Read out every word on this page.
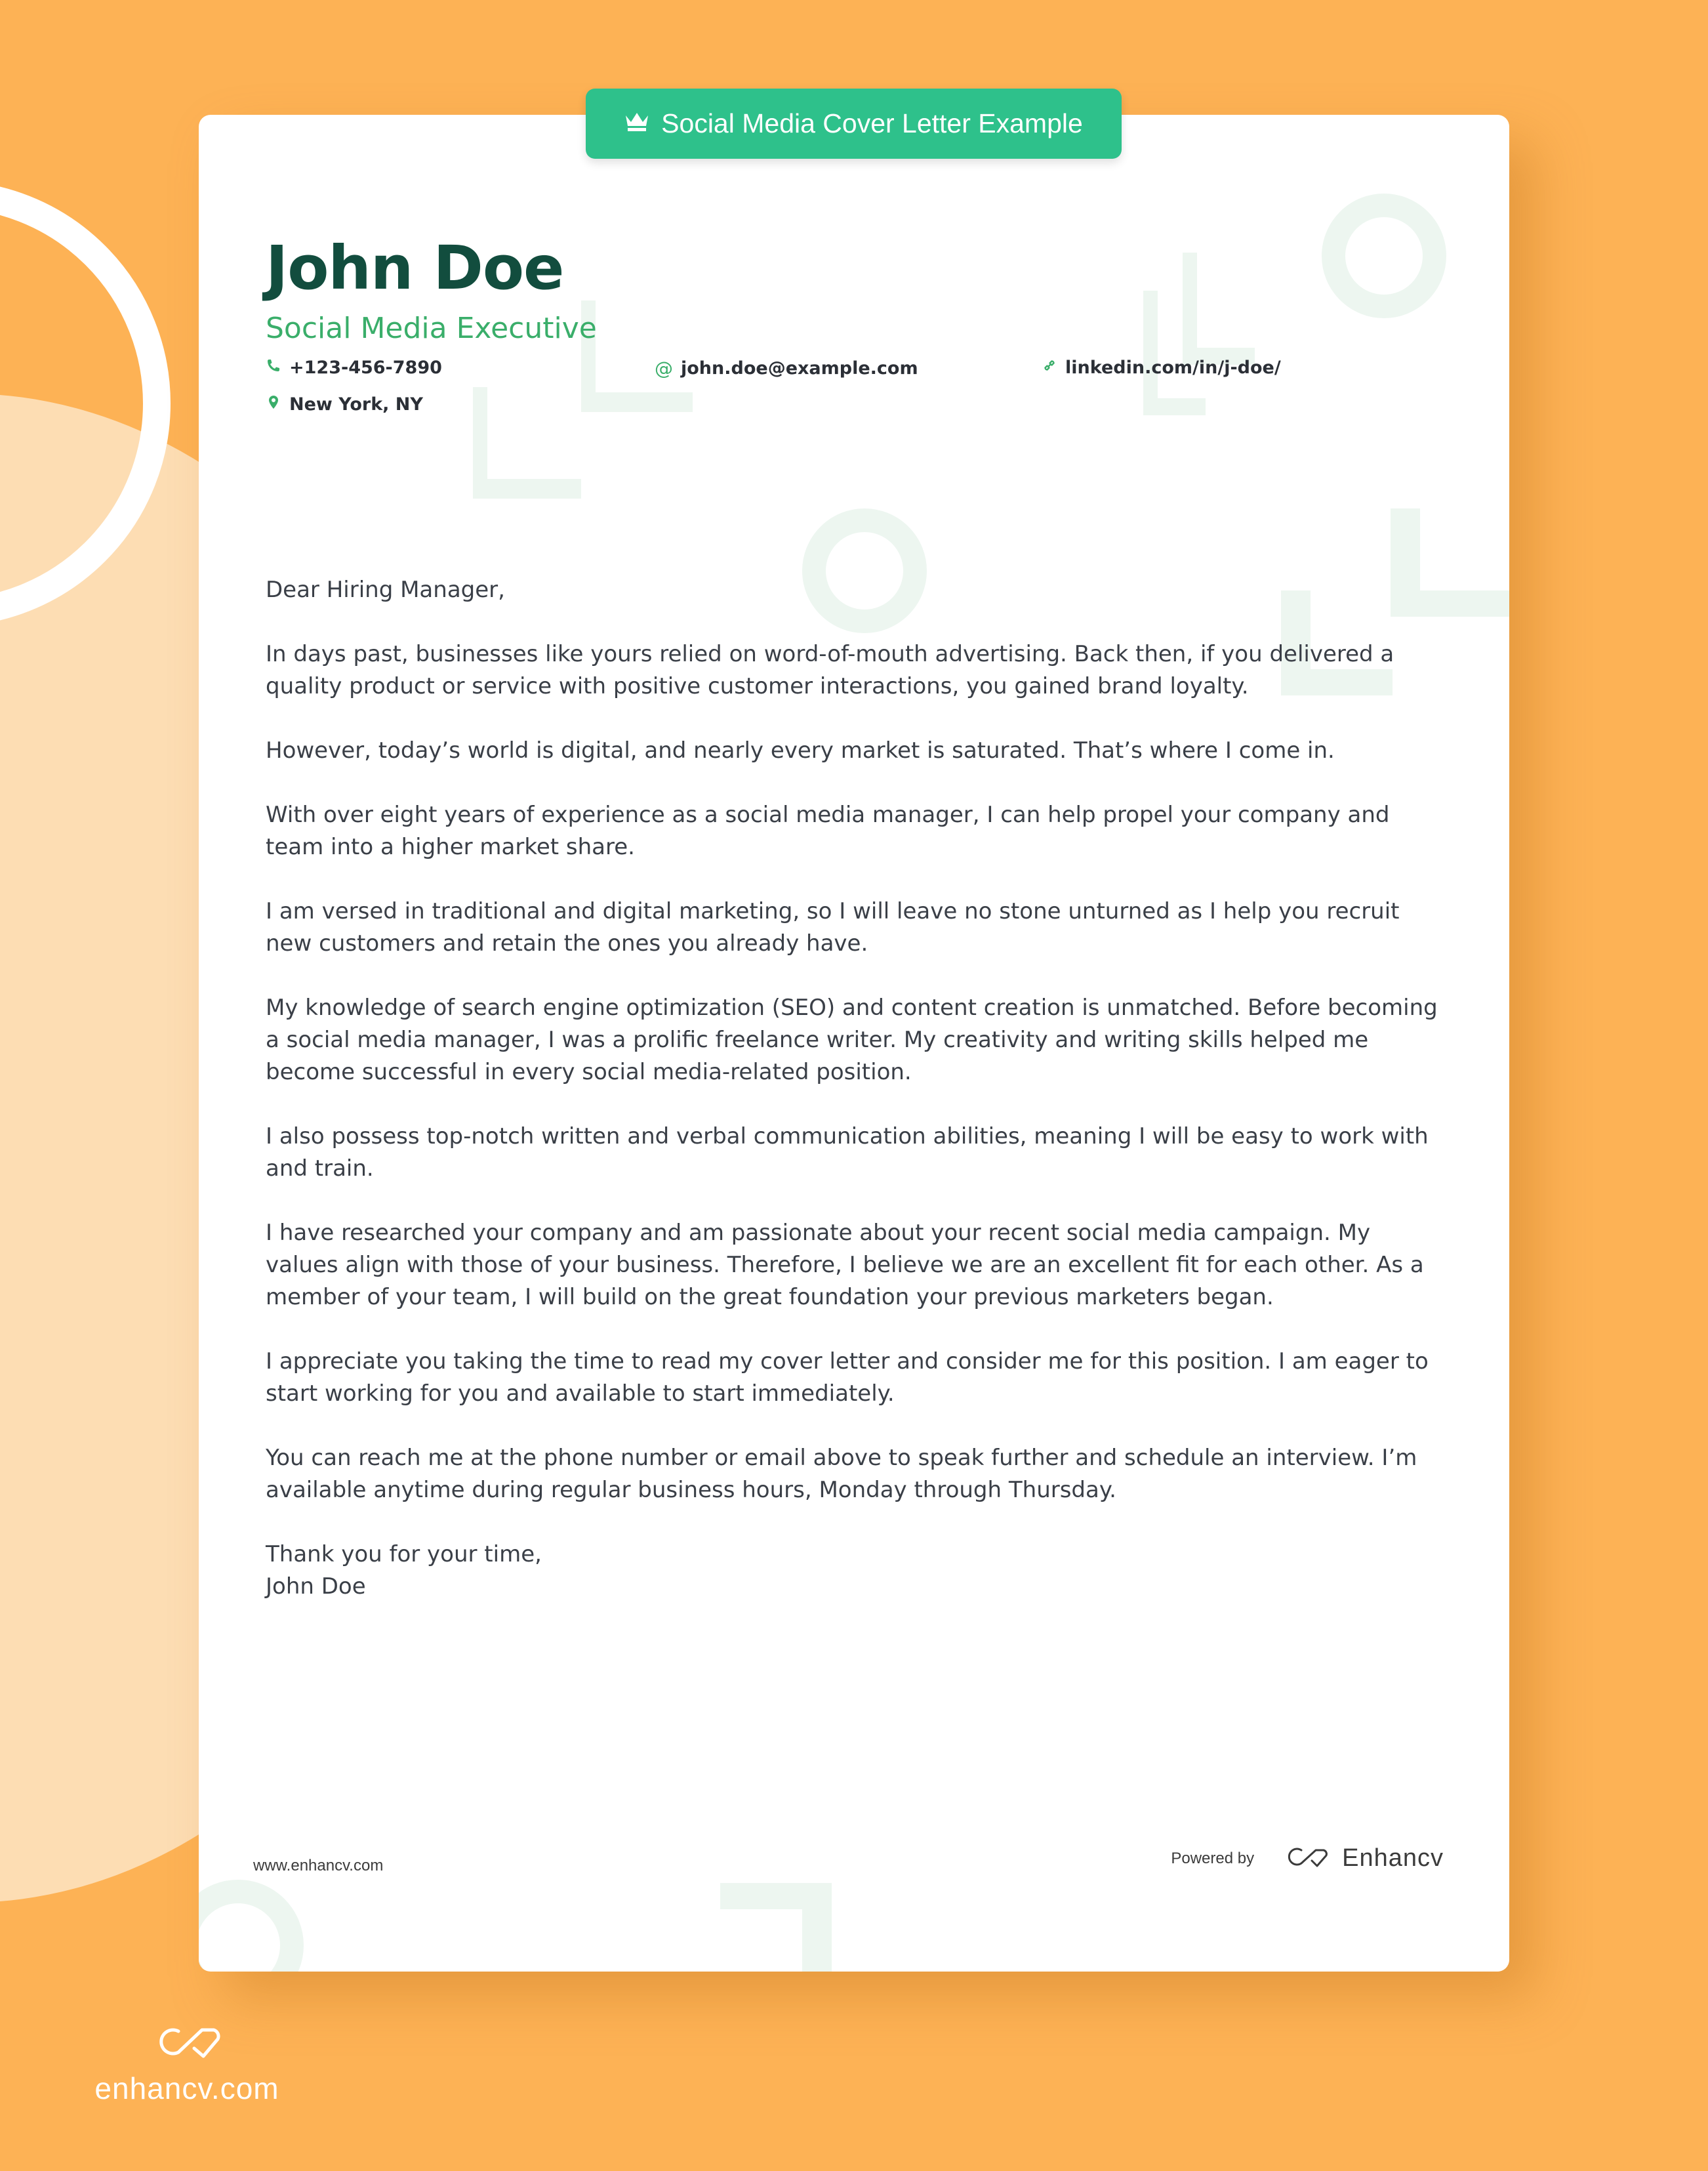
Social Media Cover Letter Example
John Doe
Social Media Executive
+123-456-7890	@ john.doe@example.com	linkedin.com/in/j-doe/
New York, NY

Dear Hiring Manager,

In days past, businesses like yours relied on word-of-mouth advertising. Back then, if you delivered a quality product or service with positive customer interactions, you gained brand loyalty.

However, today’s world is digital, and nearly every market is saturated. That’s where I come in.

With over eight years of experience as a social media manager, I can help propel your company and team into a higher market share.

I am versed in traditional and digital marketing, so I will leave no stone unturned as I help you recruit new customers and retain the ones you already have.

My knowledge of search engine optimization (SEO) and content creation is unmatched. Before becoming a social media manager, I was a prolific freelance writer. My creativity and writing skills helped me become successful in every social media-related position.

I also possess top-notch written and verbal communication abilities, meaning I will be easy to work with and train.

I have researched your company and am passionate about your recent social media campaign. My values align with those of your business. Therefore, I believe we are an excellent fit for each other. As a member of your team, I will build on the great foundation your previous marketers began.

I appreciate you taking the time to read my cover letter and consider me for this position. I am eager to start working for you and available to start immediately.

You can reach me at the phone number or email above to speak further and schedule an interview. I’m available anytime during regular business hours, Monday through Thursday.

Thank you for your time,

John Doe

www.enhancv.com	Powered by	Enhancv
enhancv.com
